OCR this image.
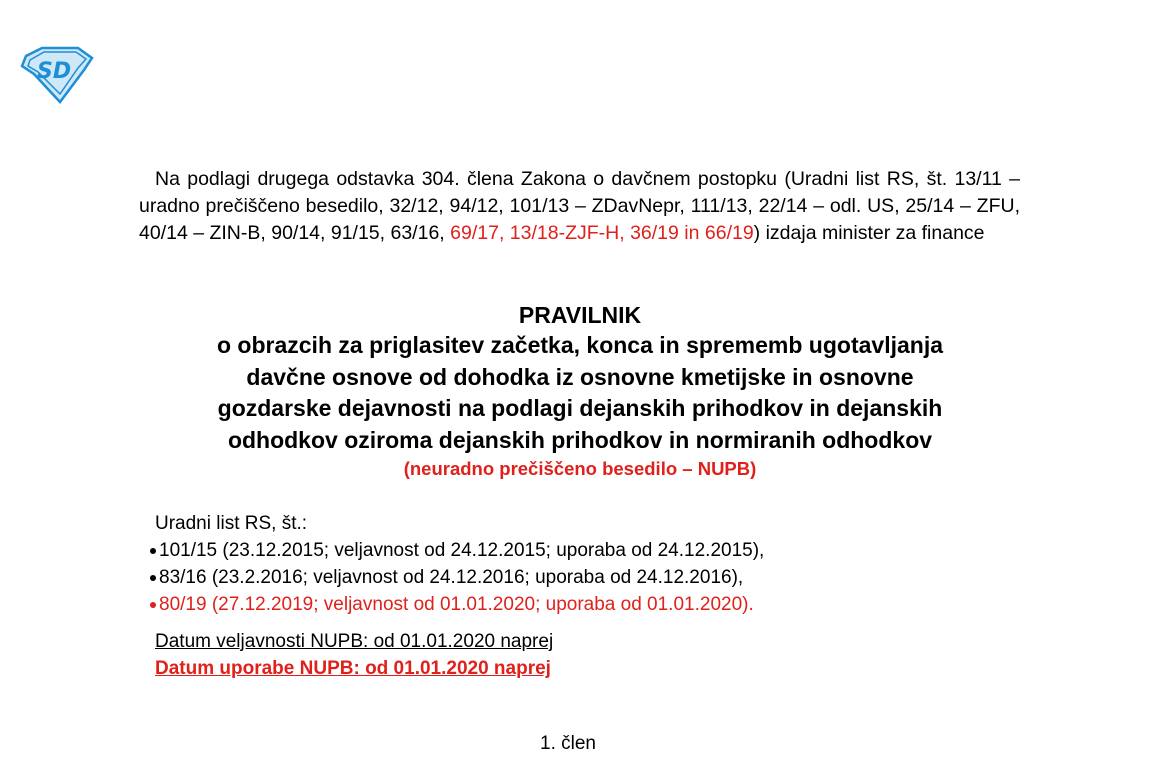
SD
Na podlagi drugega odstavka 304. člena Zakona o davčnem postopku (Uradni list RS, št. 13/11 – uradno prečiščeno besedilo, 32/12, 94/12, 101/13 – ZDavNepr, 111/13, 22/14 – odl. US, 25/14 – ZFU, 40/14 – ZIN-B, 90/14, 91/15, 63/16, 69/17, 13/18-ZJF-H, 36/19 in 66/19) izdaja minister za finance
PRAVILNIK
o obrazcih za priglasitev začetka, konca in sprememb ugotavljanja
davčne osnove od dohodka iz osnovne kmetijske in osnovne
gozdarske dejavnosti na podlagi dejanskih prihodkov in dejanskih
odhodkov oziroma dejanskih prihodkov in normiranih odhodkov
(neuradno prečiščeno besedilo – NUPB)
Uradni list RS, št.:
101/15 (23.12.2015; veljavnost od 24.12.2015; uporaba od 24.12.2015),
83/16 (23.2.2016; veljavnost od 24.12.2016; uporaba od 24.12.2016),
80/19 (27.12.2019; veljavnost od 01.01.2020; uporaba od 01.01.2020).
Datum veljavnosti NUPB: od 01.01.2020 naprej
Datum uporabe NUPB: od 01.01.2020 naprej
1. člen
